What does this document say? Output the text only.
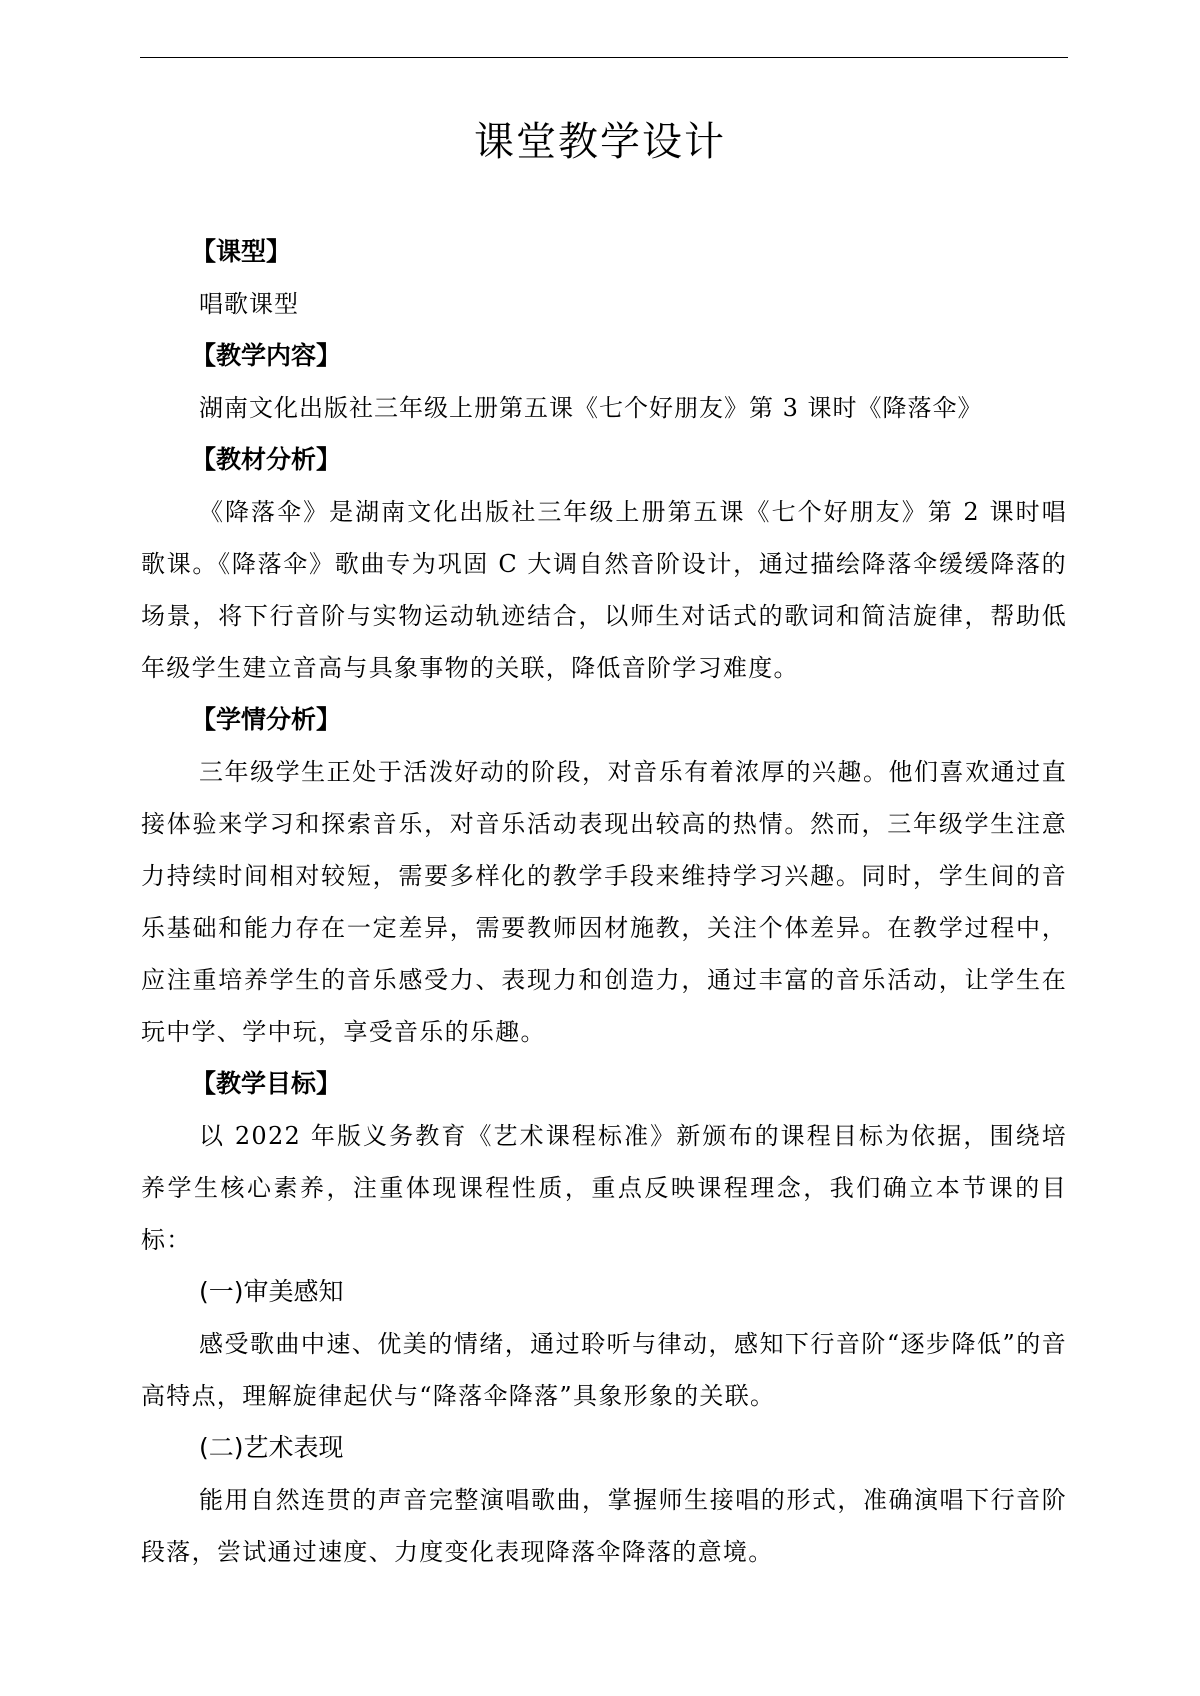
课堂教学设计
【课型】

唱歌课型

【教学内容】

湖南文化出版社三年级上册第五课《七个好朋友》第 3 课时《降落伞》

【教材分析】

《降落伞》是湖南文化出版社三年级上册第五课《七个好朋友》第 2 课时唱歌课。《降落伞》歌曲专为巩固 C 大调自然音阶设计，通过描绘降落伞缓缓降落的场景，将下行音阶与实物运动轨迹结合，以师生对话式的歌词和简洁旋律，帮助低年级学生建立音高与具象事物的关联，降低音阶学习难度。

【学情分析】

三年级学生正处于活泼好动的阶段，对音乐有着浓厚的兴趣。他们喜欢通过直接体验来学习和探索音乐，对音乐活动表现出较高的热情。然而，三年级学生注意力持续时间相对较短，需要多样化的教学手段来维持学习兴趣。同时，学生间的音乐基础和能力存在一定差异，需要教师因材施教，关注个体差异。在教学过程中，应注重培养学生的音乐感受力、表现力和创造力，通过丰富的音乐活动，让学生在玩中学、学中玩，享受音乐的乐趣。

【教学目标】

以 2022 年版义务教育《艺术课程标准》新颁布的课程目标为依据，围绕培养学生核心素养，注重体现课程性质，重点反映课程理念，我们确立本节课的目标：

(一)审美感知

感受歌曲中速、优美的情绪，通过聆听与律动，感知下行音阶“逐步降低”的音高特点，理解旋律起伏与“降落伞降落”具象形象的关联。

(二)艺术表现

能用自然连贯的声音完整演唱歌曲，掌握师生接唱的形式，准确演唱下行音阶段落，尝试通过速度、力度变化表现降落伞降落的意境。
